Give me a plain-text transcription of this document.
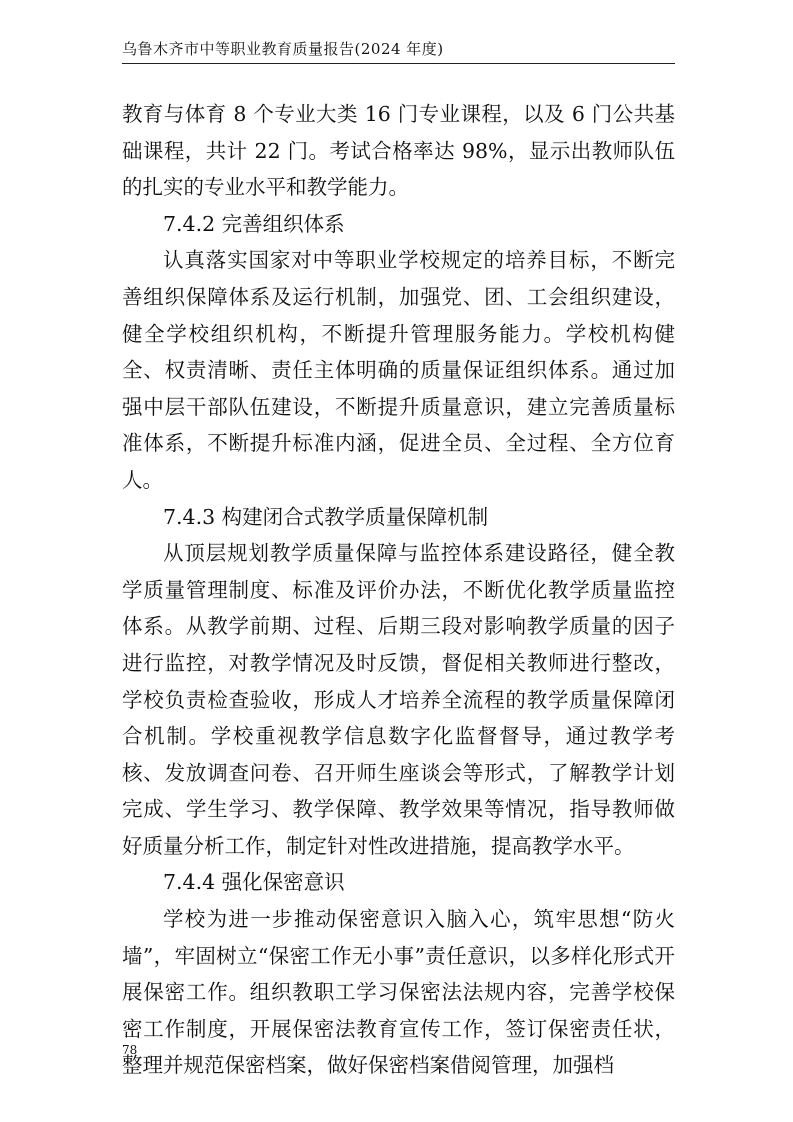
乌鲁木齐市中等职业教育质量报告(2024 年度)

教育与体育 8 个专业大类 16 门专业课程，以及 6 门公共基础课程，共计 22 门。考试合格率达 98%，显示出教师队伍的扎实的专业水平和教学能力。

7.4.2 完善组织体系

认真落实国家对中等职业学校规定的培养目标，不断完善组织保障体系及运行机制，加强党、团、工会组织建设，健全学校组织机构，不断提升管理服务能力。学校机构健全、权责清晰、责任主体明确的质量保证组织体系。通过加强中层干部队伍建设，不断提升质量意识，建立完善质量标准体系，不断提升标准内涵，促进全员、全过程、全方位育人。

7.4.3 构建闭合式教学质量保障机制

从顶层规划教学质量保障与监控体系建设路径，健全教学质量管理制度、标准及评价办法，不断优化教学质量监控体系。从教学前期、过程、后期三段对影响教学质量的因子进行监控，对教学情况及时反馈，督促相关教师进行整改，学校负责检查验收，形成人才培养全流程的教学质量保障闭合机制。学校重视教学信息数字化监督督导，通过教学考核、发放调查问卷、召开师生座谈会等形式，了解教学计划完成、学生学习、教学保障、教学效果等情况，指导教师做好质量分析工作，制定针对性改进措施，提高教学水平。

7.4.4 强化保密意识

学校为进一步推动保密意识入脑入心，筑牢思想“防火墙”，牢固树立“保密工作无小事”责任意识，以多样化形式开展保密工作。组织教职工学习保密法法规内容，完善学校保密工作制度，开展保密法教育宣传工作，签订保密责任状，整理并规范保密档案，做好保密档案借阅管理，加强档

78
